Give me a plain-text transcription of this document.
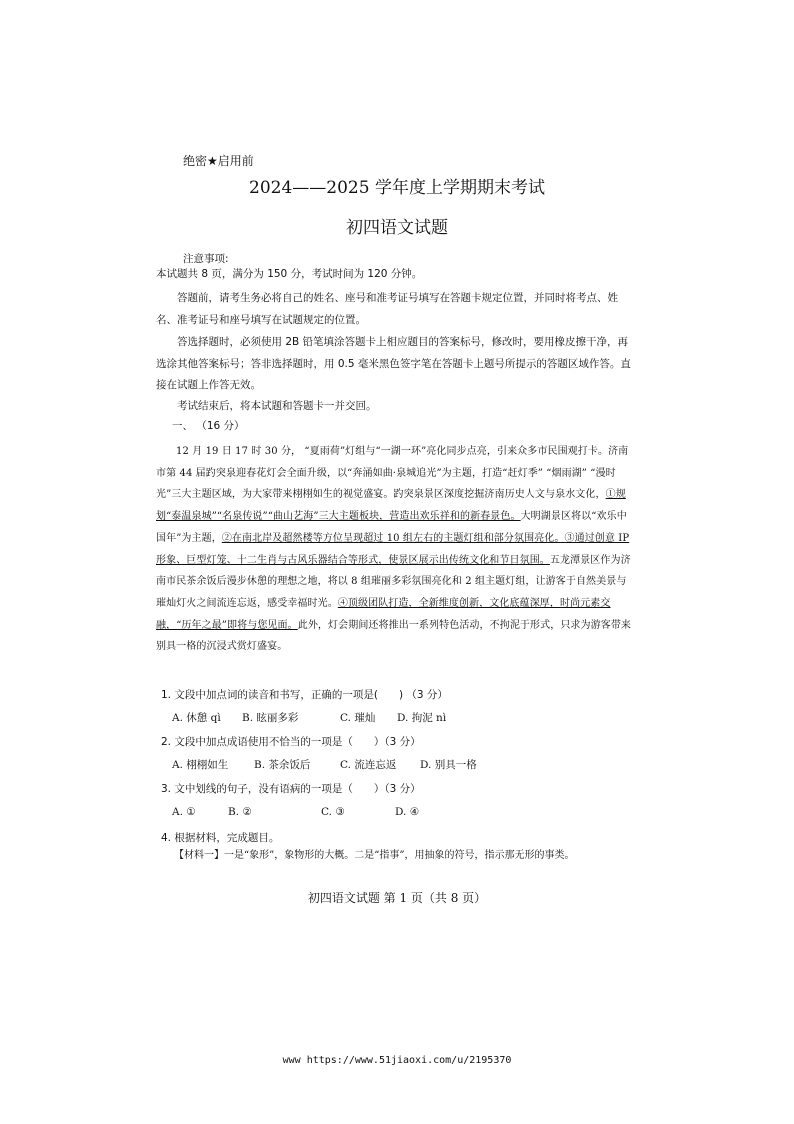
绝密★启用前
2024——2025 学年度上学期期末考试
初四语文试题
注意事项:
本试题共 8 页，满分为 150 分，考试时间为 120 分钟。
答题前，请考生务必将自己的姓名、座号和准考证号填写在答题卡规定位置，并同时将考点、姓名、准考证号和座号填写在试题规定的位置。
答选择题时，必须使用 2B 铅笔填涂答题卡上相应题目的答案标号，修改时，要用橡皮擦干净，再选涂其他答案标号；答非选择题时，用 0.5 毫米黑色签字笔在答题卡上题号所提示的答题区域作答。直接在试题上作答无效。
考试结束后，将本试题和答题卡一并交回。
一、 （16 分）
12 月 19 日 17 时 30 分， “夏雨荷”灯组与“一湖一环”亮化同步点亮，引来众多市民围观打卡。济南市第 44 届趵突泉迎春花灯会全面升级，以“奔涌如曲·泉城追光”为主题，打造“赶灯季” “烟雨湖” “漫时光”三大主题区域，为大家带来栩栩如生的视觉盛宴。趵突泉景区深度挖掘济南历史人文与泉水文化，①规划“泰温泉城”“名泉传说”“曲山艺海”三大主题板块，营造出欢乐祥和的新春景色。大明湖景区将以“欢乐中国年”为主题，②在南北岸及超然楼等方位呈现超过 10 组左右的主题灯组和部分氛围亮化。③通过创意 IP 形象、巨型灯笼、十二生肖与古风乐器结合等形式，使景区展示出传统文化和节日氛围。五龙潭景区作为济南市民茶余饭后漫步休憩的理想之地，将以 8 组璀丽多彩氛围亮化和 2 组主题灯组，让游客于自然美景与璀灿灯火之间流连忘返，感受幸福时光。④顶级团队打造，全新维度创新，文化底蕴深厚，时尚元素交融，“历年之最”即将与您见面。此外，灯会期间还将推出一系列特色活动，不拘泥于形式，只求为游客带来别具一格的沉浸式赏灯盛宴。
1. 文段中加点词的读音和书写，正确的一项是(　　) （3 分）
A. 休憩 qì	B. 眩丽多彩	C. 璀灿	D. 拘泥 nì
2. 文段中加点成语使用不恰当的一项是（　　）（3 分）
A. 栩栩如生	B. 茶余饭后	C. 流连忘返	D. 别具一格
3. 文中划线的句子，没有语病的一项是（　　）（3 分）
A. ①	B. ②	C. ③	D. ④
4. 根据材料，完成题目。
【材料一】一是“象形”，象物形的大概。二是“指事”，用抽象的符号，指示那无形的事类。
初四语文试题 第 1 页（共 8 页）
www https://www.51jiaoxi.com/u/2195370
